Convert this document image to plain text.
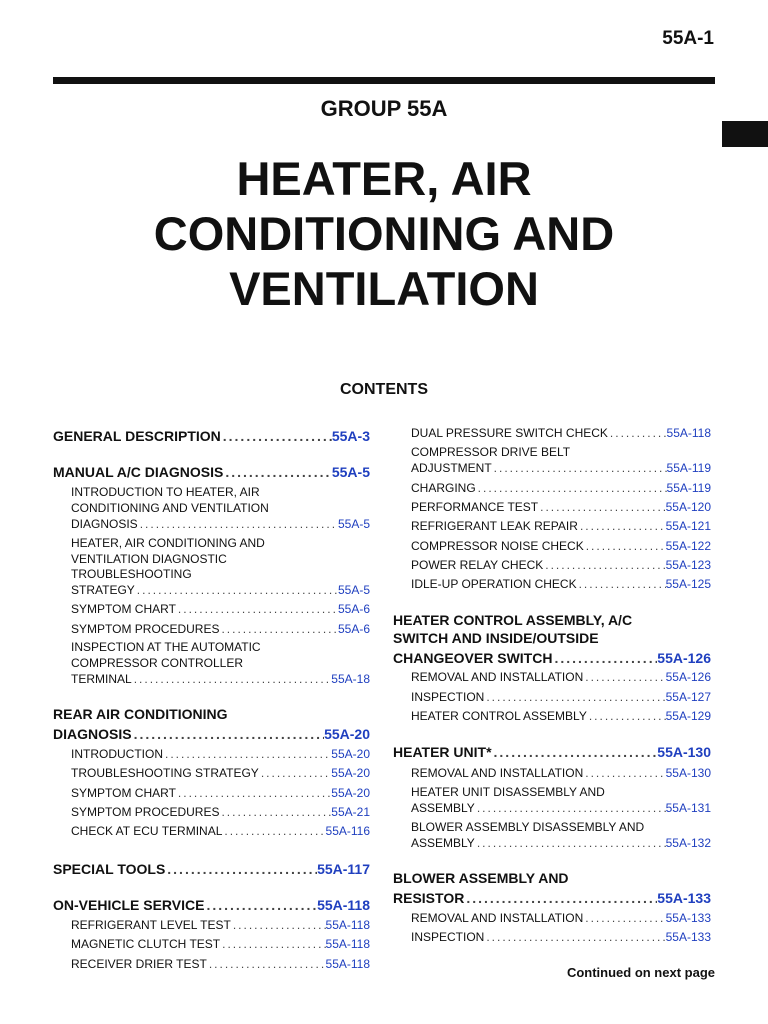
55A-1
GROUP 55A
HEATER, AIR
CONDITIONING AND
VENTILATION
CONTENTS
GENERAL DESCRIPTION .....	55A-3
MANUAL A/C DIAGNOSIS .....	55A-5
INTRODUCTION TO HEATER, AIR
CONDITIONING AND VENTILATION
DIAGNOSIS .....	55A-5
HEATER, AIR CONDITIONING AND
VENTILATION DIAGNOSTIC
TROUBLESHOOTING
STRATEGY .....	55A-5
SYMPTOM CHART .....	55A-6
SYMPTOM PROCEDURES .....	55A-6
INSPECTION AT THE AUTOMATIC
COMPRESSOR CONTROLLER
TERMINAL .....	55A-18
REAR AIR CONDITIONING
DIAGNOSIS .....	55A-20
INTRODUCTION .....	55A-20
TROUBLESHOOTING STRATEGY .....	55A-20
SYMPTOM CHART .....	55A-20
SYMPTOM PROCEDURES .....	55A-21
CHECK AT ECU TERMINAL .....	55A-116
SPECIAL TOOLS .....	55A-117
ON-VEHICLE SERVICE .....	55A-118
REFRIGERANT LEVEL TEST .....	55A-118
MAGNETIC CLUTCH TEST .....	55A-118
RECEIVER DRIER TEST .....	55A-118
DUAL PRESSURE SWITCH CHECK .....	55A-118
COMPRESSOR DRIVE BELT
ADJUSTMENT .....	55A-119
CHARGING .....	55A-119
PERFORMANCE TEST .....	55A-120
REFRIGERANT LEAK REPAIR .....	55A-121
COMPRESSOR NOISE CHECK .....	55A-122
POWER RELAY CHECK .....	55A-123
IDLE-UP OPERATION CHECK .....	55A-125
HEATER CONTROL ASSEMBLY, A/C
SWITCH AND INSIDE/OUTSIDE
CHANGEOVER SWITCH .....	55A-126
REMOVAL AND INSTALLATION .....	55A-126
INSPECTION .....	55A-127
HEATER CONTROL ASSEMBLY .....	55A-129
HEATER UNIT* .....	55A-130
REMOVAL AND INSTALLATION .....	55A-130
HEATER UNIT DISASSEMBLY AND
ASSEMBLY .....	55A-131
BLOWER ASSEMBLY DISASSEMBLY AND
ASSEMBLY .....	55A-132
BLOWER ASSEMBLY AND
RESISTOR .....	55A-133
REMOVAL AND INSTALLATION .....	55A-133
INSPECTION .....	55A-133
Continued on next page
